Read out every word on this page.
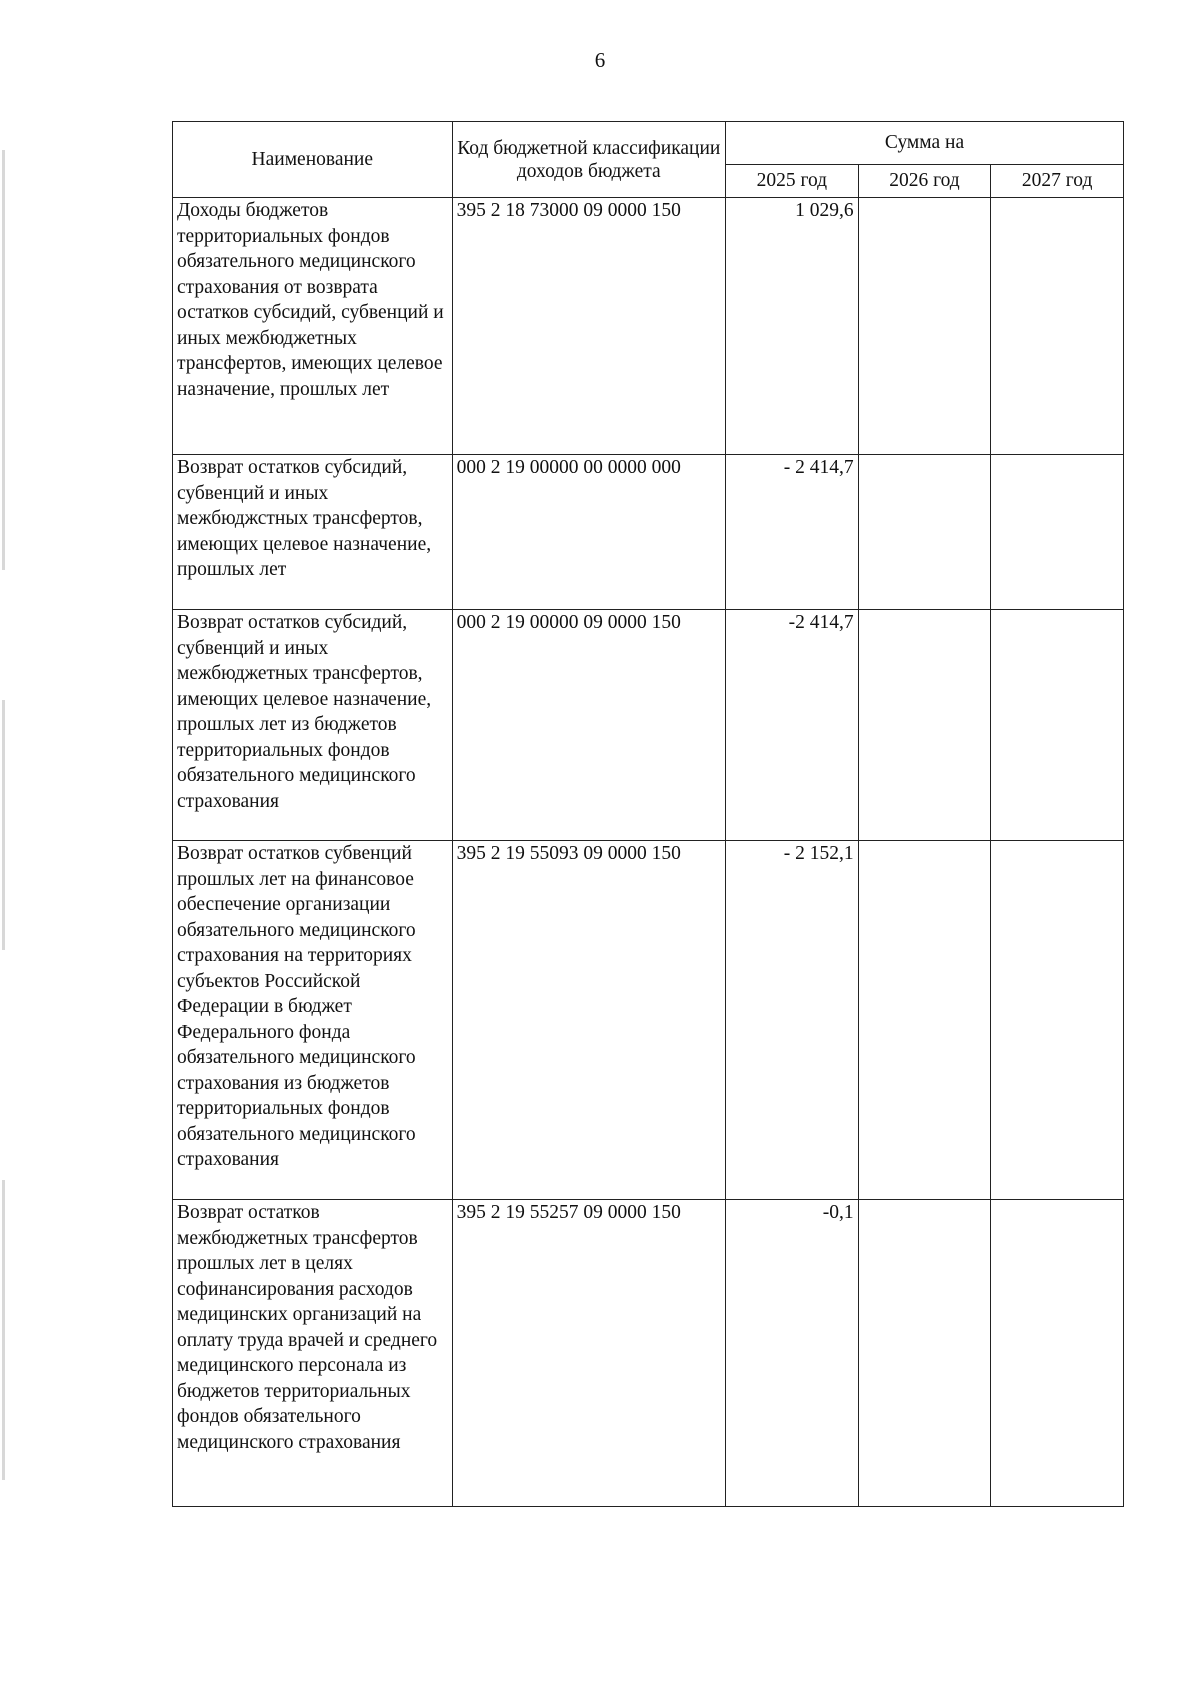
6
Наименование	Код бюджетной классификации доходов бюджета	Сумма на		
		2025 год	2026 год	2027 год
Доходы бюджетов территориальных фондов обязательного медицинского страхования от возврата остатков субсидий, субвенций и иных межбюджетных трансфертов, имеющих целевое назначение, прошлых лет	395 2 18 73000 09 0000 150	1 029,6		
Возврат остатков субсидий, субвенций и иных межбюджстных трансфертов, имеющих целевое назначение, прошлых лет	000 2 19 00000 00 0000 000	- 2 414,7		
Возврат остатков субсидий, субвенций и иных межбюджетных трансфертов, имеющих целевое назначение, прошлых лет из бюджетов территориальных фондов обязательного медицинского страхования	000 2 19 00000 09 0000 150	-2 414,7		
Возврат остатков субвенций прошлых лет на финансовое обеспечение организации обязательного медицинского страхования на территориях субъектов Российской Федерации в бюджет Федерального фонда обязательного медицинского страхования из бюджетов территориальных фондов обязательного медицинского страхования	395 2 19 55093 09 0000 150	- 2 152,1		
Возврат остатков межбюджетных трансфертов прошлых лет в целях софинансирования расходов медицинских организаций на оплату труда врачей и среднего медицинского персонала из бюджетов территориальных фондов обязательного медицинского страхования	395 2 19 55257 09 0000 150	-0,1		
